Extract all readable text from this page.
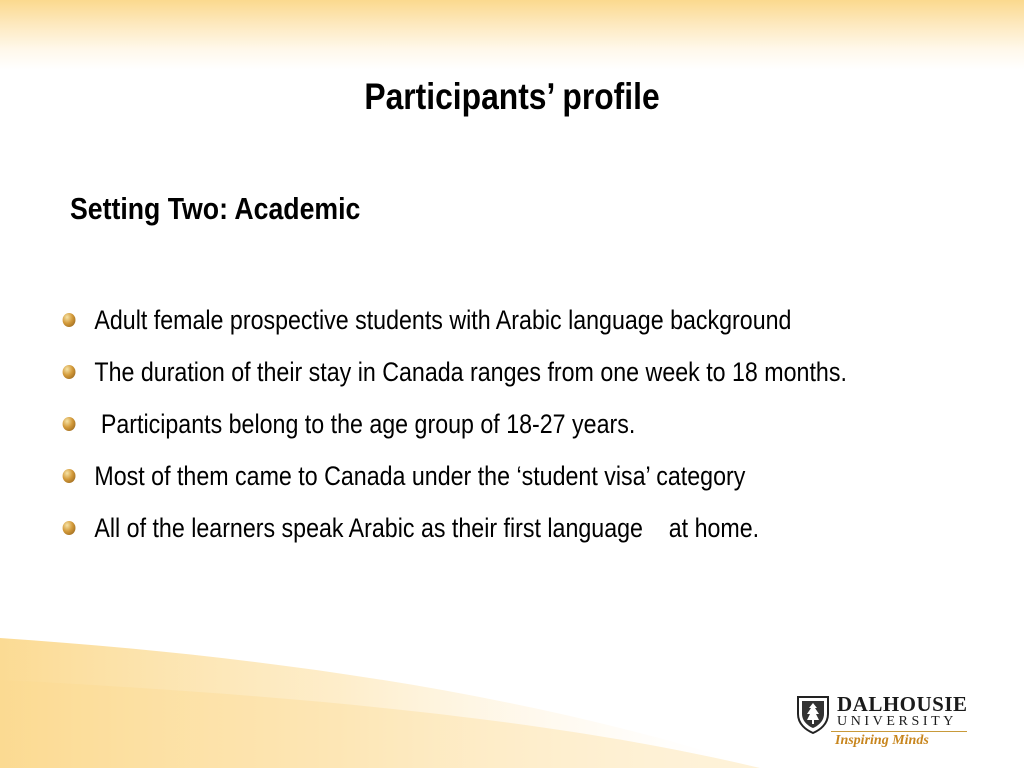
Participants’ profile
Setting Two: Academic
Adult female prospective students with Arabic language background
The duration of their stay in Canada ranges from one week to 18 months.
Participants belong to the age group of 18-27 years.
Most of them came to Canada under the ‘student visa’ category
All of the learners speak Arabic as their first language    at home.
DALHOUSIE
UNIVERSITY
Inspiring Minds
